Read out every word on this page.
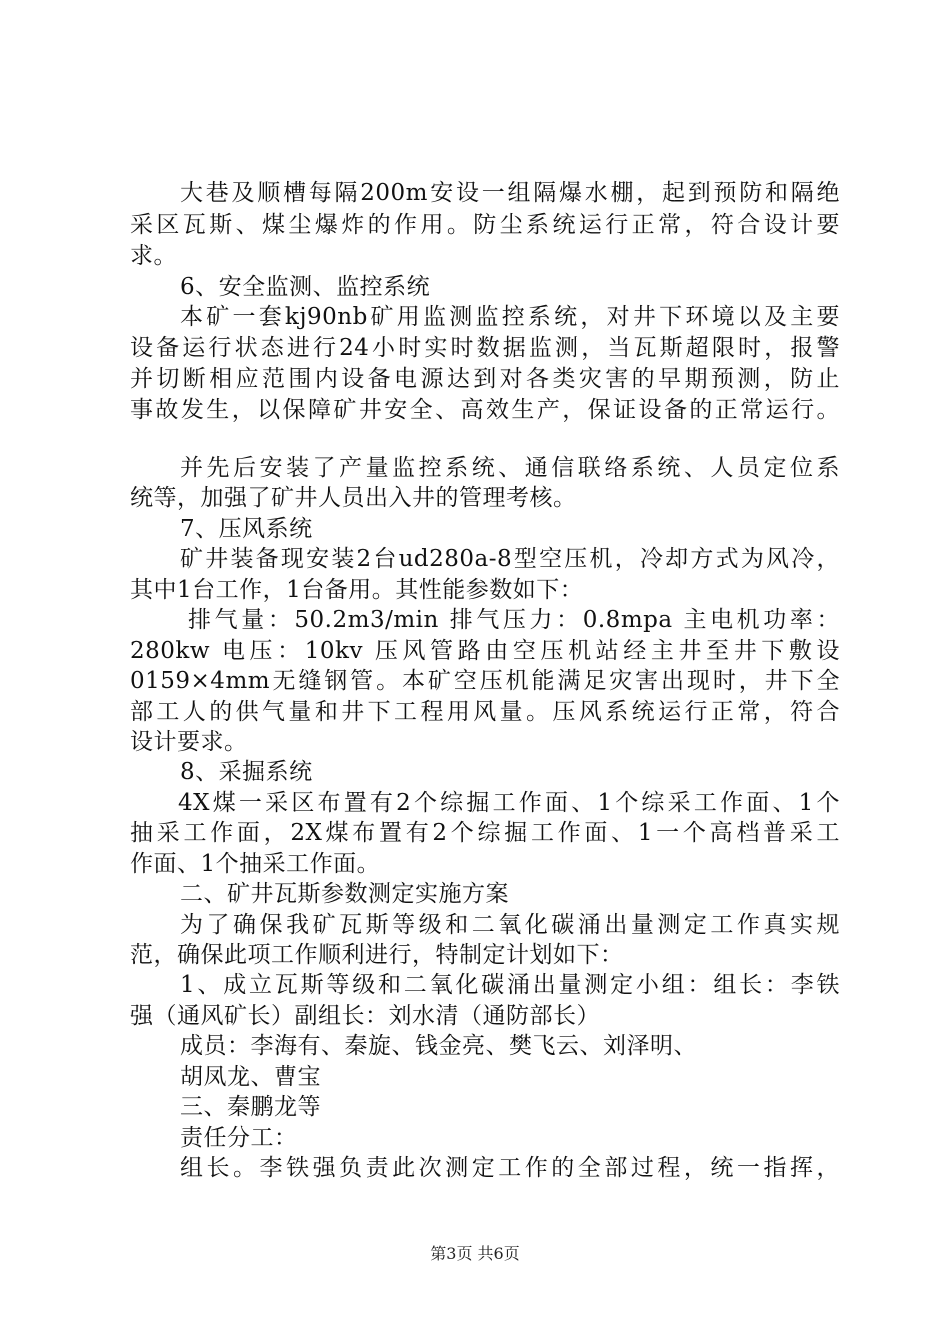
大巷及顺槽每隔200m安设一组隔爆水棚，起到预防和隔绝
采区瓦斯、煤尘爆炸的作用。防尘系统运行正常，符合设计要
求。
6、安全监测、监控系统
本矿一套kj90nb矿用监测监控系统，对井下环境以及主要
设备运行状态进行24小时实时数据监测，当瓦斯超限时，报警
并切断相应范围内设备电源达到对各类灾害的早期预测，防止
事故发生，以保障矿井安全、高效生产，保证设备的正常运行。
并先后安装了产量监控系统、通信联络系统、人员定位系
统等，加强了矿井人员出入井的管理考核。
7、压风系统
矿井装备现安装2台ud280a-8型空压机，冷却方式为风冷，
其中1台工作，1台备用。其性能参数如下：
排气量：50.2m3/min 排气压力：0.8mpa 主电机功率：
280kw 电压：10kv 压风管路由空压机站经主井至井下敷设
0159×4mm无缝钢管。本矿空压机能满足灾害出现时，井下全
部工人的供气量和井下工程用风量。压风系统运行正常，符合
设计要求。
8、采掘系统
4X煤一采区布置有2个综掘工作面、1个综采工作面、1个
抽采工作面，2X煤布置有2个综掘工作面、1一个高档普采工
作面、1个抽采工作面。
二、矿井瓦斯参数测定实施方案
为了确保我矿瓦斯等级和二氧化碳涌出量测定工作真实规
范，确保此项工作顺利进行，特制定计划如下：
1、成立瓦斯等级和二氧化碳涌出量测定小组：组长：李铁
强（通风矿长）副组长：刘水清（通防部长）
成员：李海有、秦旋、钱金亮、樊飞云、刘泽明、
胡凤龙、曹宝
三、秦鹏龙等
责任分工：
组长。李铁强负责此次测定工作的全部过程，统一指挥，
第3页 共6页
